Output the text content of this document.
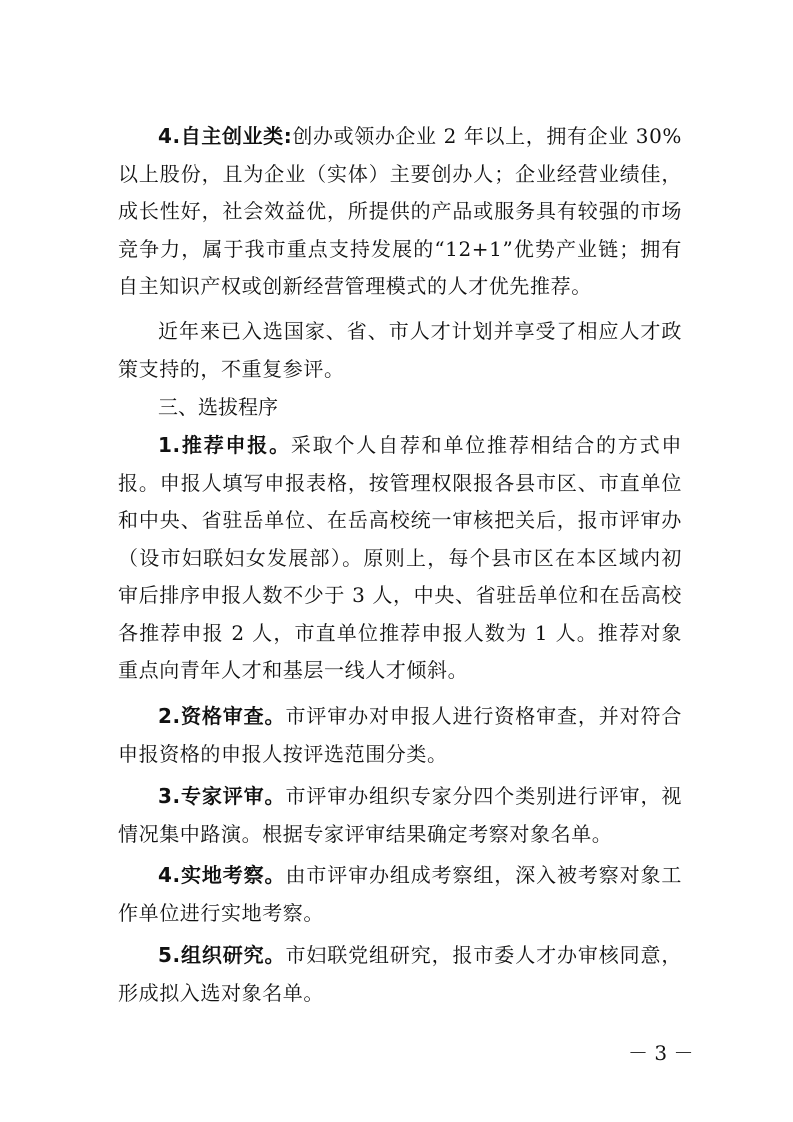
4.自主创业类:创办或领办企业 2 年以上，拥有企业 30%以上股份，且为企业（实体）主要创办人；企业经营业绩佳，成长性好，社会效益优，所提供的产品或服务具有较强的市场竞争力，属于我市重点支持发展的“12+1”优势产业链；拥有自主知识产权或创新经营管理模式的人才优先推荐。

近年来已入选国家、省、市人才计划并享受了相应人才政策支持的，不重复参评。

三、选拔程序

1.推荐申报。采取个人自荐和单位推荐相结合的方式申报。申报人填写申报表格，按管理权限报各县市区、市直单位和中央、省驻岳单位、在岳高校统一审核把关后，报市评审办（设市妇联妇女发展部）。原则上，每个县市区在本区域内初审后排序申报人数不少于 3 人，中央、省驻岳单位和在岳高校各推荐申报 2 人，市直单位推荐申报人数为 1 人。推荐对象重点向青年人才和基层一线人才倾斜。

2.资格审查。市评审办对申报人进行资格审查，并对符合申报资格的申报人按评选范围分类。

3.专家评审。市评审办组织专家分四个类别进行评审，视情况集中路演。根据专家评审结果确定考察对象名单。

4.实地考察。由市评审办组成考察组，深入被考察对象工作单位进行实地考察。

5.组织研究。市妇联党组研究，报市委人才办审核同意，形成拟入选对象名单。

－ 3 －
